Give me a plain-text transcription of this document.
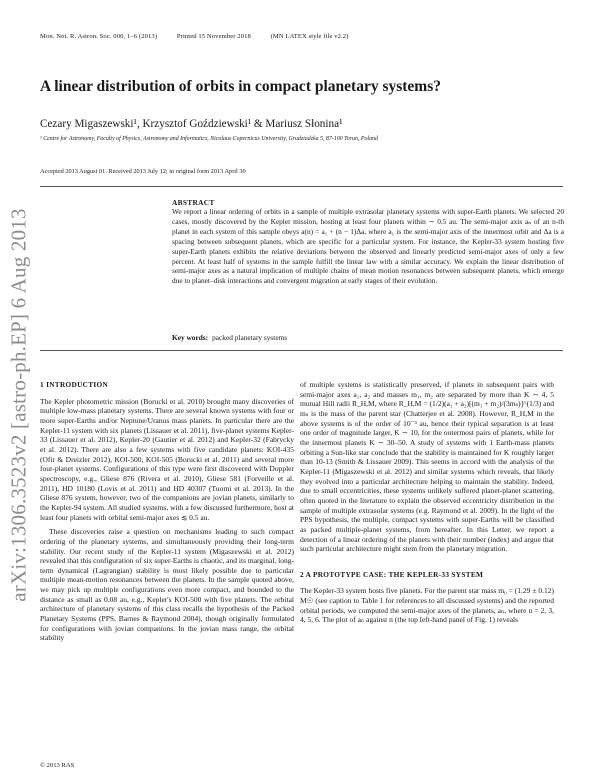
Mon. Not. R. Astron. Soc. 000, 1–6 (2013)	Printed 15 November 2018	(MN LATEX style file v2.2)
A linear distribution of orbits in compact planetary systems?
Cezary Migaszewski¹, Krzysztof Goździewski¹ & Mariusz Słonina¹
¹ Centre for Astronomy, Faculty of Physics, Astronomy and Informatics, Nicolaus Copernicus University, Grudziadzka 5, 87-100 Torun, Poland
Accepted 2013 August 01. Received 2013 July 12; in original form 2013 April 30
arXiv:1306.3523v2 [astro-ph.EP] 6 Aug 2013
ABSTRACT
We report a linear ordering of orbits in a sample of multiple extrasolar planetary systems with super-Earth planets. We selected 20 cases, mostly discovered by the Kepler mission, hosting at least four planets within ∼ 0.5 au. The semi-major axis aₙ of an n-th planet in each system of this sample obeys a(n) = a₁ + (n − 1)Δa, where a₁ is the semi-major axis of the innermost orbit and Δa is a spacing between subsequent planets, which are specific for a particular system. For instance, the Kepler-33 system hosting five super-Earth planets exhibits the relative deviations between the observed and linearly predicted semi-major axes of only a few percent. At least half of systems in the sample fulfill the linear law with a similar accuracy. We explain the linear distribution of semi-major axes as a natural implication of multiple chains of mean motion resonances between subsequent planets, which emerge due to planet–disk interactions and convergent migration at early stages of their evolution.
Key words: packed planetary systems
1 INTRODUCTION

The Kepler photometric mission (Borucki et al. 2010) brought many discoveries of multiple low-mass planetary systems. There are several known systems with four or more super-Earths and/or Neptune/Uranus mass planets. In particular there are the Kepler-11 system with six planets (Lissauer et al. 2011), five-planet systems Kepler-33 (Lissauer et al. 2012), Kepler-20 (Gautier et al. 2012) and Kepler-32 (Fabrycky et al. 2012). There are also a few systems with five candidate planets: KOI-435 (Ofir & Dreizler 2012), KOI-500, KOI-505 (Borucki et al. 2011) and several more four-planet systems. Configurations of this type were first discovered with Doppler spectroscopy, e.g., Gliese 876 (Rivera et al. 2010), Gliese 581 (Forveille et al. 2011), HD 10180 (Lovis et al. 2011) and HD 40307 (Tuomi et al. 2013). In the Gliese 876 system, however, two of the companions are jovian planets, similarly to the Kepler-94 system. All studied systems, with a few discussed furthermore, host at least four planets with orbital semi-major axes ≲ 0.5 au.

These discoveries raise a question on mechanisms leading to such compact ordering of the planetary systems, and simultaneously providing their long-term stability. Our recent study of the Kepler-11 system (Migaszewski et al. 2012) revealed that this configuration of six super-Earths is chaotic, and its marginal, long-term dynamical (Lagrangian) stability is most likely possible due to particular multiple mean-motion resonances between the planets. In the sample quoted above, we may pick up multiple configurations even more compact, and bounded to the distance as small as 0.08 au, e.g., Kepler's KOI-500 with five planets. The orbital architecture of planetary systems of this class recalls the hypothesis of the Packed Planetary Systems (PPS, Barnes & Raymond 2004), though originally formulated for configurations with jovian companions. In the jovian mass range, the orbital stability

of multiple systems is statistically preserved, if planets in subsequent pairs with semi-major axes a₁, a₂ and masses m₁, m₂ are separated by more than K ∼ 4, 5 mutual Hill radii R_H,M, where R_H,M = (1/2)(a₁ + a₂)[(m₁ + m₂)/(3mₛ)]^(1/3) and mₛ is the mass of the parent star (Chatterjee et al. 2008). However, R_H,M in the above systems is of the order of 10⁻³ au, hence their typical separation is at least one order of magnitude larger, K ∼ 10, for the outermost pairs of planets, while for the innermost planets K ∼ 30–50. A study of systems with 1 Earth-mass planets orbiting a Sun-like star conclude that the stability is maintained for K roughly larger than 10-13 (Smith & Lissauer 2009). This seems in accord with the analysis of the Kepler-11 (Migaszewski et al. 2012) and similar systems which reveals, that likely they evolved into a particular architecture helping to maintain the stability. Indeed, due to small eccentricities, these systems unlikely suffered planet-planet scattering, often quoted in the literature to explain the observed eccentricity distribution in the sample of multiple extrasolar systems (e.g. Raymond et al. 2009). In the light of the PPS hypothesis, the multiple, compact systems with super-Earths will be classified as packed multiple-planet systems, from hereafter. In this Letter, we report a detection of a linear ordering of the planets with their number (index) and argue that such particular architecture might stem from the planetary migration.

2 A PROTOTYPE CASE: THE KEPLER-33 SYSTEM

The Kepler-33 system hosts five planets. For the parent star mass m₀ = (1.29 ± 0.12) M☉ (see caption to Table 1 for references to all discussed systems) and the reported orbital periods, we computed the semi-major axes of the planets, aₙ, where n = 2, 3, 4, 5, 6. The plot of aₙ against n (the top left-hand panel of Fig. 1) reveals

© 2013 RAS
